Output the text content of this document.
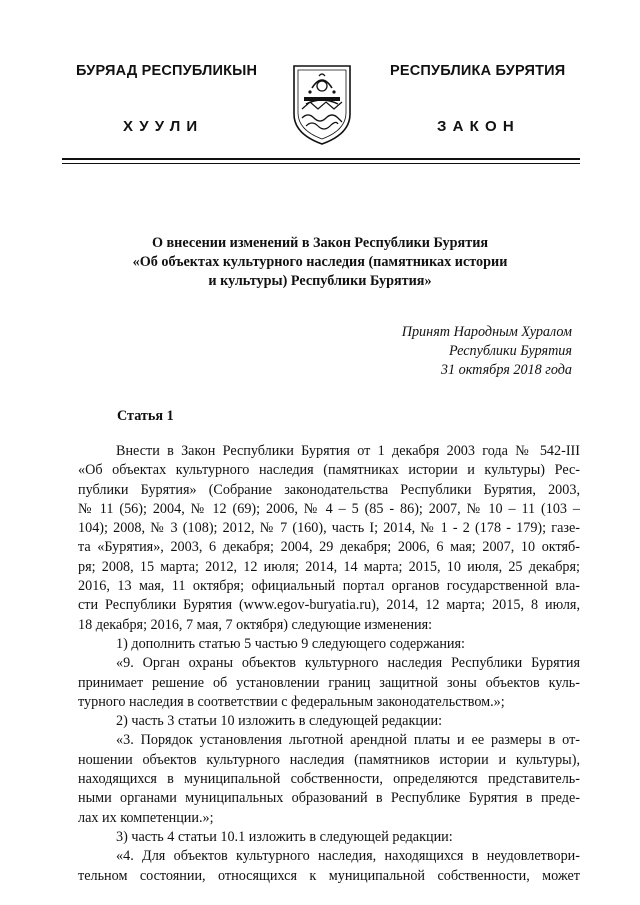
БУРЯАД РЕСПУБЛИКЫН
ХУУЛИ
РЕСПУБЛИКА БУРЯТИЯ
ЗАКОН
О внесении изменений в Закон Республики Бурятия
«Об объектах культурного наследия (памятниках истории
и культуры) Республики Бурятия»
Принят Народным Хуралом
Республики Бурятия
31 октября 2018 года
Статья 1
Внести в Закон Республики Бурятия от 1 декабря 2003 года № 542-III
«Об объектах культурного наследия (памятниках истории и культуры) Рес-
публики Бурятия» (Собрание законодательства Республики Бурятия, 2003,
№ 11 (56); 2004, № 12 (69); 2006, № 4 – 5 (85 - 86); 2007, № 10 – 11 (103 –
104); 2008, № 3 (108); 2012, № 7 (160), часть I; 2014, № 1 - 2 (178 - 179); газе-
та «Бурятия», 2003, 6 декабря; 2004, 29 декабря; 2006, 6 мая; 2007, 10 октяб-
ря; 2008, 15 марта; 2012, 12 июля; 2014, 14 марта; 2015, 10 июля, 25 декабря;
2016, 13 мая, 11 октября; официальный портал органов государственной вла-
сти Республики Бурятия (www.egov-buryatia.ru), 2014, 12 марта; 2015, 8 июля,
18 декабря; 2016, 7 мая, 7 октября) следующие изменения:
1) дополнить статью 5 частью 9 следующего содержания:
«9. Орган охраны объектов культурного наследия Республики Бурятия
принимает решение об установлении границ защитной зоны объектов куль-
турного наследия в соответствии с федеральным законодательством.»;
2) часть 3 статьи 10 изложить в следующей редакции:
«3. Порядок установления льготной арендной платы и ее размеры в от-
ношении объектов культурного наследия (памятников истории и культуры),
находящихся в муниципальной собственности, определяются представитель-
ными органами муниципальных образований в Республике Бурятия в преде-
лах их компетенции.»;
3) часть 4 статьи 10.1 изложить в следующей редакции:
«4. Для объектов культурного наследия, находящихся в неудовлетвори-
тельном состоянии, относящихся к муниципальной собственности, может
